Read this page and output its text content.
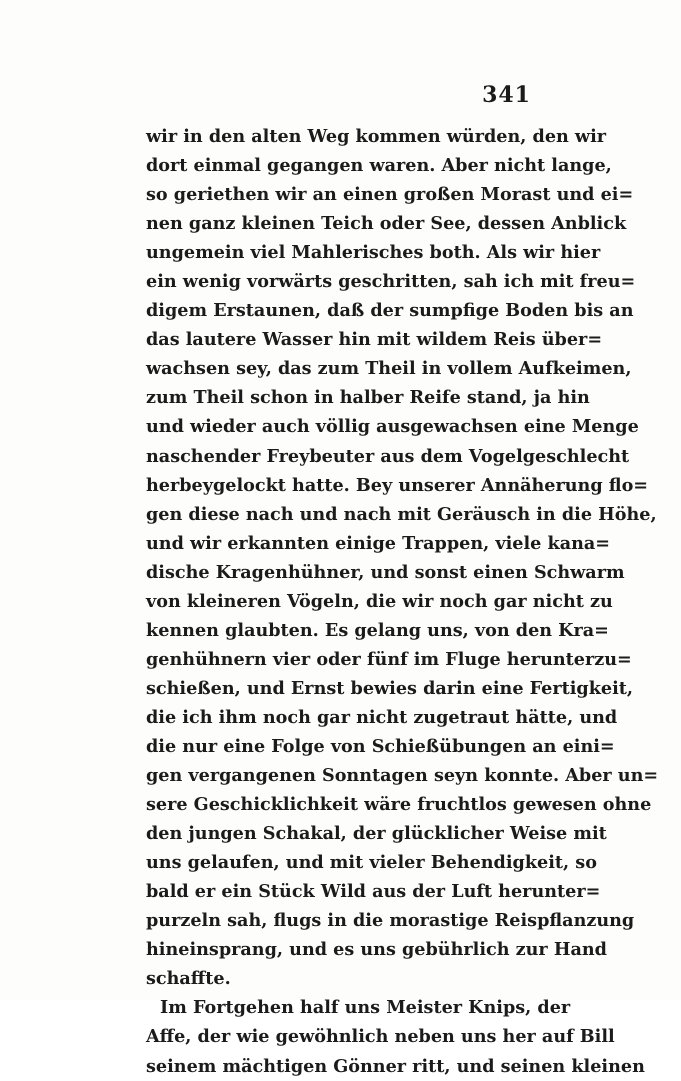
341
wir in den alten Weg kommen würden, den wir
dort einmal gegangen waren. Aber nicht lange,
so geriethen wir an einen großen Morast und ei=
nen ganz kleinen Teich oder See, dessen Anblick
ungemein viel Mahlerisches both. Als wir hier
ein wenig vorwärts geschritten, sah ich mit freu=
digem Erstaunen, daß der sumpfige Boden bis an
das lautere Wasser hin mit wildem Reis über=
wachsen sey, das zum Theil in vollem Aufkeimen,
zum Theil schon in halber Reife stand, ja hin
und wieder auch völlig ausgewachsen eine Menge
naschender Freybeuter aus dem Vogelgeschlecht
herbeygelockt hatte. Bey unserer Annäherung flo=
gen diese nach und nach mit Geräusch in die Höhe,
und wir erkannten einige Trappen, viele kana=
dische Kragenhühner, und sonst einen Schwarm
von kleineren Vögeln, die wir noch gar nicht zu
kennen glaubten. Es gelang uns, von den Kra=
genhühnern vier oder fünf im Fluge herunterzu=
schießen, und Ernst bewies darin eine Fertigkeit,
die ich ihm noch gar nicht zugetraut hätte, und
die nur eine Folge von Schießübungen an eini=
gen vergangenen Sonntagen seyn konnte. Aber un=
sere Geschicklichkeit wäre fruchtlos gewesen ohne
den jungen Schakal, der glücklicher Weise mit
uns gelaufen, und mit vieler Behendigkeit, so
bald er ein Stück Wild aus der Luft herunter=
purzeln sah, flugs in die morastige Reispflanzung
hineinsprang, und es uns gebührlich zur Hand
schaffte.
Im Fortgehen half uns Meister Knips, der
Affe, der wie gewöhnlich neben uns her auf Bill
seinem mächtigen Gönner ritt, und seinen kleinen
